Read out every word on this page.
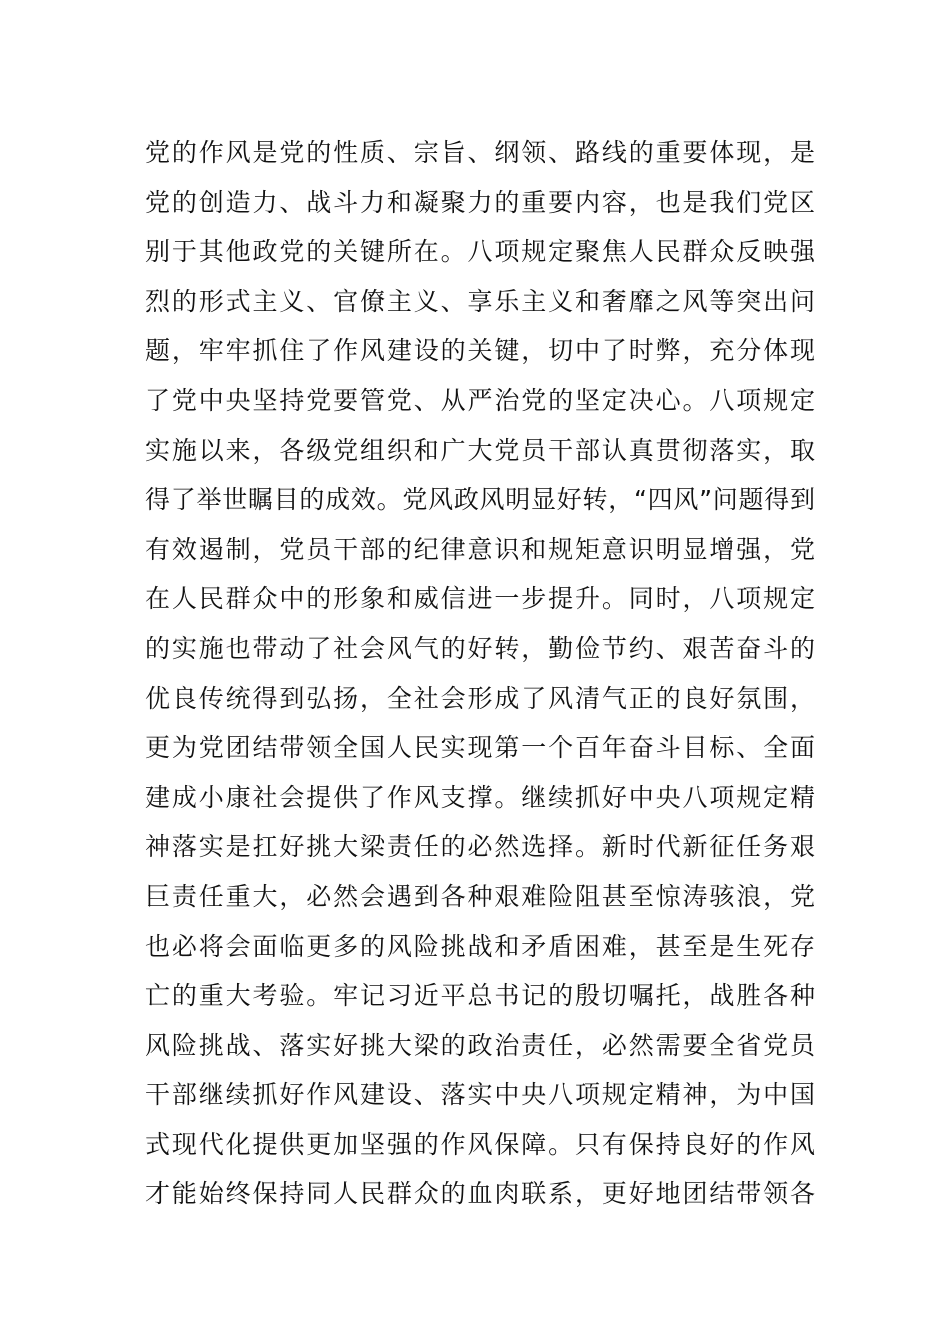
党的作风是党的性质、宗旨、纲领、路线的重要体现，是
党的创造力、战斗力和凝聚力的重要内容，也是我们党区
别于其他政党的关键所在。八项规定聚焦人民群众反映强
烈的形式主义、官僚主义、享乐主义和奢靡之风等突出问
题，牢牢抓住了作风建设的关键，切中了时弊，充分体现
了党中央坚持党要管党、从严治党的坚定决心。八项规定
实施以来，各级党组织和广大党员干部认真贯彻落实，取
得了举世瞩目的成效。党风政风明显好转，“四风”问题得到
有效遏制，党员干部的纪律意识和规矩意识明显增强，党
在人民群众中的形象和威信进一步提升。同时，八项规定
的实施也带动了社会风气的好转，勤俭节约、艰苦奋斗的
优良传统得到弘扬，全社会形成了风清气正的良好氛围，
更为党团结带领全国人民实现第一个百年奋斗目标、全面
建成小康社会提供了作风支撑。继续抓好中央八项规定精
神落实是扛好挑大梁责任的必然选择。新时代新征任务艰
巨责任重大，必然会遇到各种艰难险阻甚至惊涛骇浪，党
也必将会面临更多的风险挑战和矛盾困难，甚至是生死存
亡的重大考验。牢记习近平总书记的殷切嘱托，战胜各种
风险挑战、落实好挑大梁的政治责任，必然需要全省党员
干部继续抓好作风建设、落实中央八项规定精神，为中国
式现代化提供更加坚强的作风保障。只有保持良好的作风
才能始终保持同人民群众的血肉联系，更好地团结带领各
